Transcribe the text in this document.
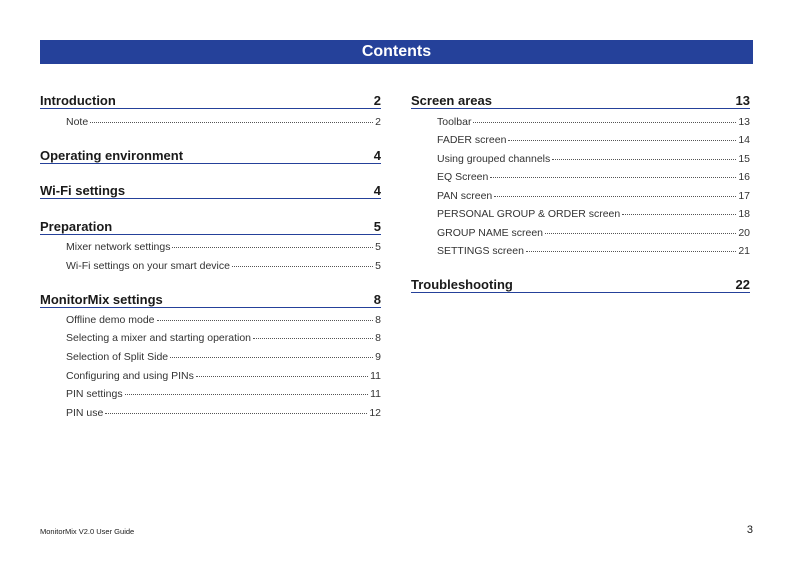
Contents
Introduction	2
Note	2
Operating environment	4
Wi-Fi settings	4
Preparation	5
Mixer network settings	5
Wi-Fi settings on your smart device	5
MonitorMix settings	8
Offline demo mode	8
Selecting a mixer and starting operation	8
Selection of Split Side	9
Configuring and using PINs	11
PIN settings	11
PIN use	12
Screen areas	13
Toolbar	13
FADER screen	14
Using grouped channels	15
EQ Screen	16
PAN screen	17
PERSONAL GROUP & ORDER screen	18
GROUP NAME screen	20
SETTINGS screen	21
Troubleshooting	22
MonitorMix V2.0 User Guide	3
